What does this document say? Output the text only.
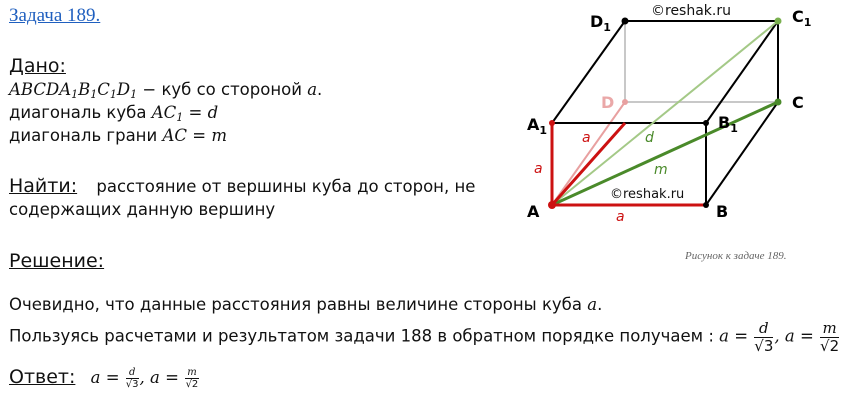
Задача 189.
Дано:
$ABCDA_1B_1C_1D_1$ − куб со стороной a.
диагональ куба $AC_1 = d$
диагональ грани AC = m
Найти: расстояние от вершины куба до сторон, не
содержащих данную вершину
Решение:
Очевидно, что данные расстояния равны величине стороны куба a.
Пользуясь расчетами и результатом задачи 188 в обратном порядке получаем : $a = \frac{d}{√3}$ , $a = \frac{m}{√2}$
Ответ: $a = \frac{d}{√3}$ , $a = \frac{m}{√2}$
$D_1$
$C_1$
C
D
$A_1$	$B_1$
A	B
a
a
a	d
m
©reshak.ru
©reshak.ru
Рисунок к задаче 189.
